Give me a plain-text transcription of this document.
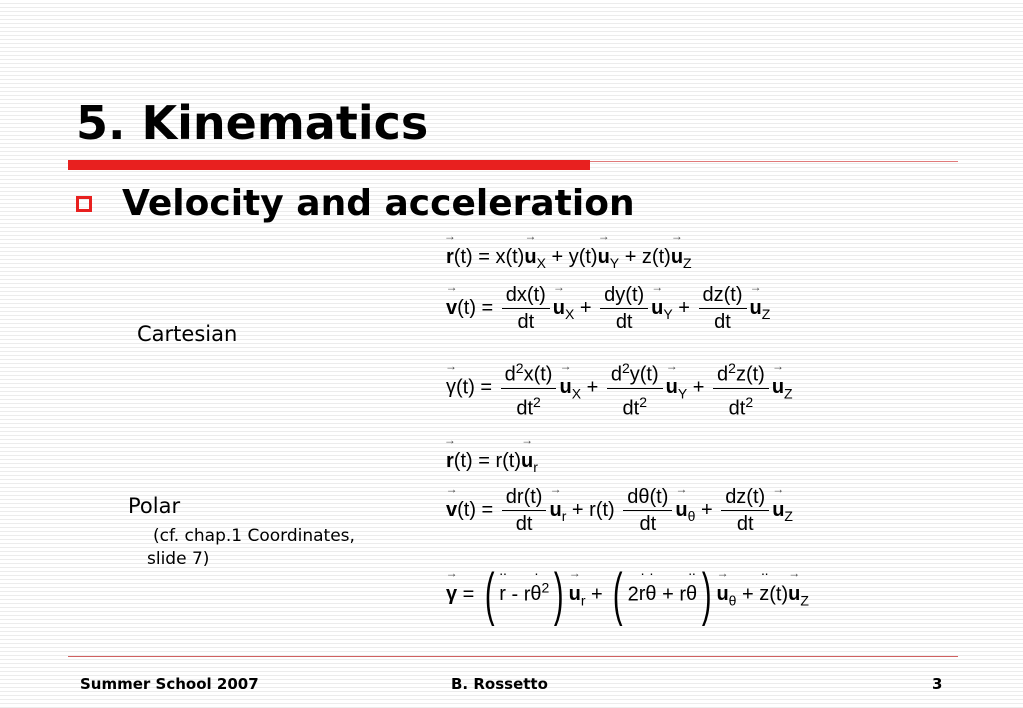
5. Kinematics
Velocity and acceleration
Cartesian
Polar
(cf. chap.1 Coordinates,
slide 7)
→ $r(t) = x(t)\to u_X + y(t)\to u_Y + z(t)\to u_Z$
→ $v(t) = \frac{dx(t)}{dt}$
→ $u_X + \frac{dy(t)}{dt}$
→ $u_Y + \frac{dz(t)}{dt}$
→ $u_Z$
→ $\gamma(t) = \frac{d^2x(t)}{dt^2}$
→ $u_X + \frac{d^2y(t)}{dt^2}$
→ $u_Y + \frac{d^2z(t)}{dt^2}$
→ $u_Z$
→ $r(t) = r(t)\to u_r$
→ $v(t) = \frac{dr(t)}{dt}$
→ $u_r + r(t) \frac{d\theta(t)}{dt}$
→ $u_\theta + \frac{dz(t)}{dt}$
→ $u_Z$
→ γ = (·· $r - r\cdot \theta^2)\to u_r$ + ( $2\cdot r\cdot \theta + r\cdot\cdot \theta)\to u_\theta$ + ·· $z(t)\to u_Z$
Summer School 2007	B. Rossetto	3
